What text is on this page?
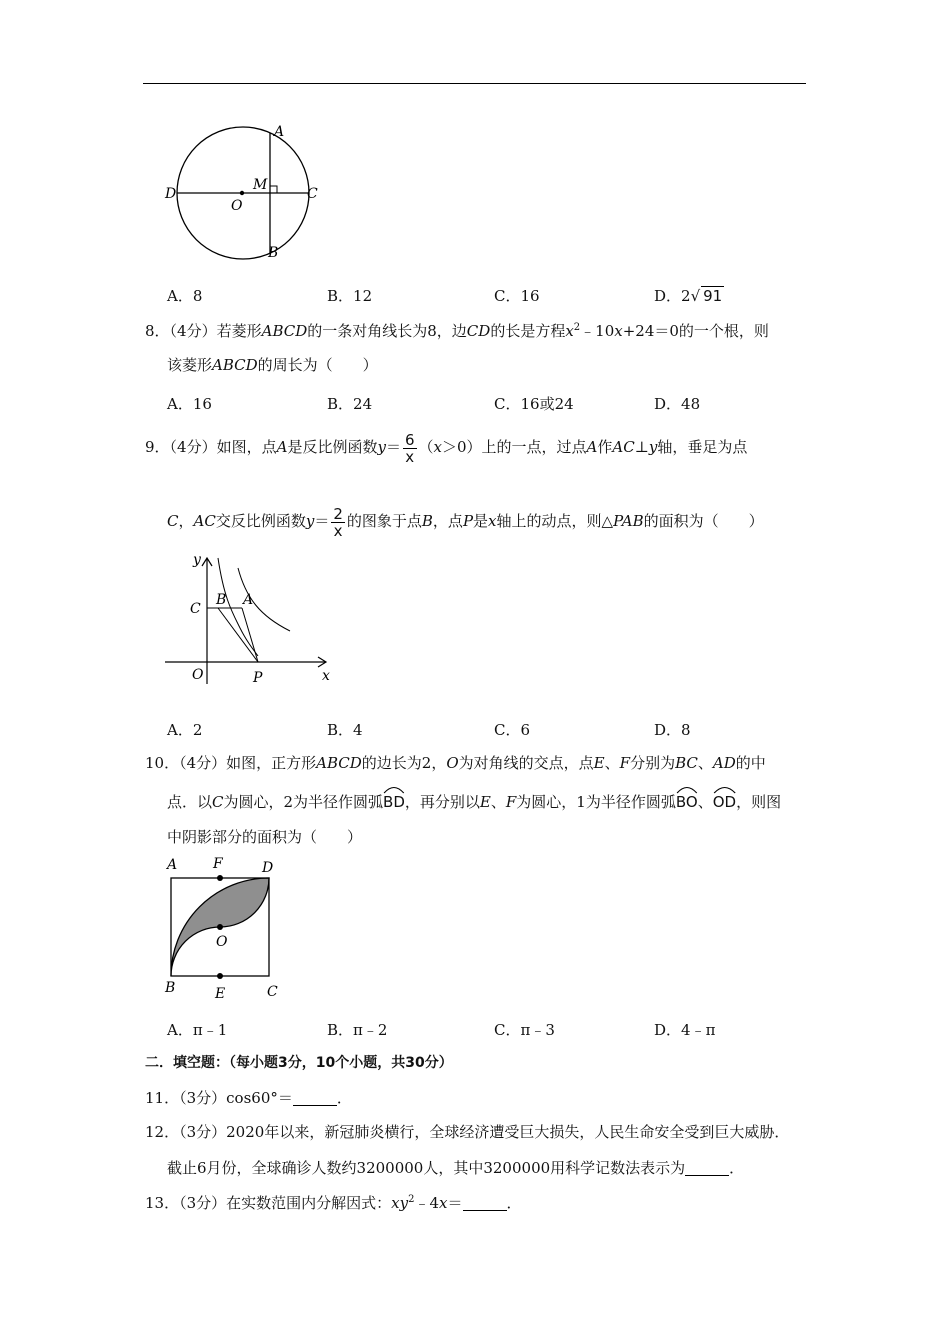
A
B
C
D
O
M
A．8	B．12	C．16	D．2√ 91
8．（4分）若菱形ABCD的一条对角线长为8，边CD的长是方程$x^2﹣10x+24=0$的一个根，则
该菱形ABCD的周长为（　　）
A．16	B．24	C．16或24	D．48
9．（4分）如图，点A是反比例函数$y= \frac{6}{x} (x>0)$上的一点，过点A作AC⊥y轴，垂足为点
C，AC交反比例函数$y= \frac{2}{x}$ 的图象于点B，点P是x轴上的动点，则△PAB的面积为（　　）
y
x
C
B A
O	P
A．2	B．4	C．6	D．8
10．（4分）如图，正方形ABCD的边长为2，O为对角线的交点，点E、F分别为BC、AD的中
点．以C为圆心，2为半径作圆弧
BD，再分别以E、F为圆心，1为半径作圆弧
BO、
OD，则图
中阴影部分的面积为（　　）
A	F	D
O
B	E	C
A．π﹣1	B．π﹣2	C．π﹣3	D．4﹣π
二．填空题：（每小题3分，10个小题，共30分）
11．（3分）cos60°＝	．
12．（3分）2020年以来，新冠肺炎横行，全球经济遭受巨大损失，人民生命安全受到巨大威胁．
截止6月份，全球确诊人数约3200000人，其中3200000用科学记数法表示为	．
13．（3分）在实数范围内分解因式：$xy^2﹣4x=$	．
